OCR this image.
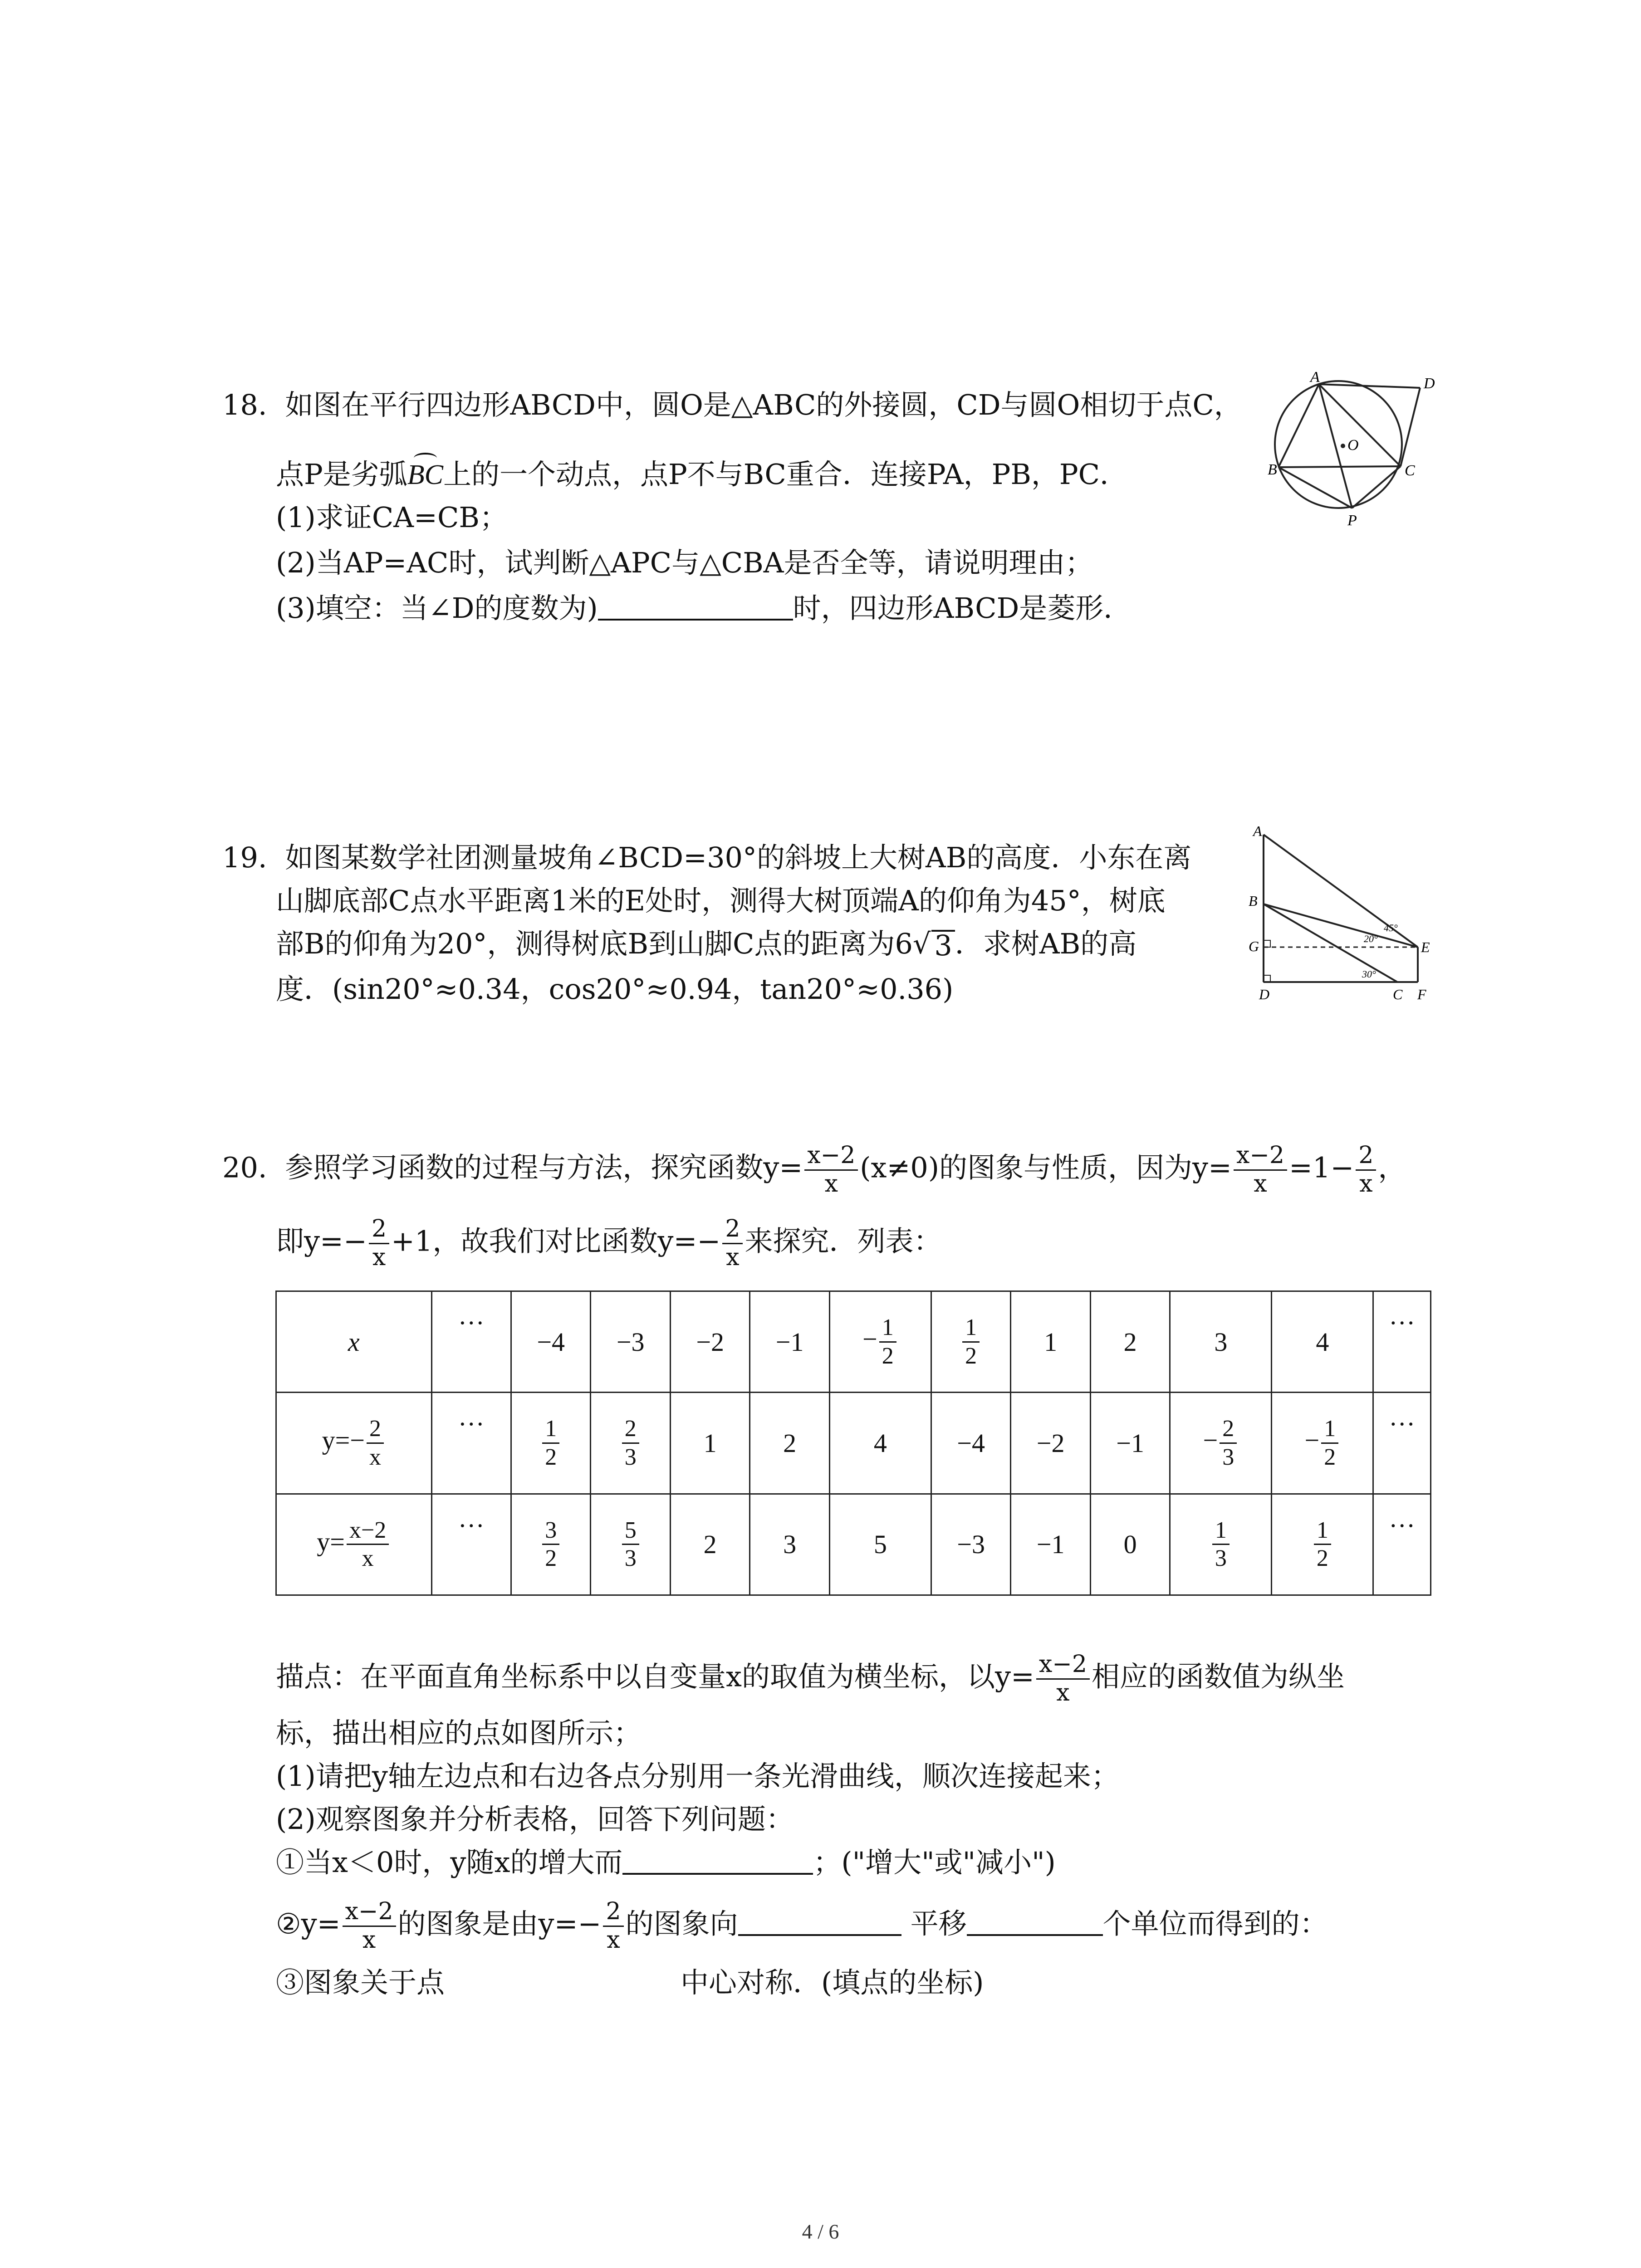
18. 如图在平行四边形ABCD中，圆O是△ABC的外接圆，CD与圆O相切于点C，
点P是劣弧BC上的一个动点，点P不与BC重合．连接PA，PB，PC．
(1)求证CA=CB；
(2)当AP=AC时，试判断△APC与△CBA是否全等，请说明理由；
(3)填空：当∠D的度数为)	时，四边形ABCD是菱形．
A	D
B	C
O
P
19. 如图某数学社团测量坡角∠BCD=30°的斜坡上大树AB的高度．小东在离
山脚底部C点水平距离1米的E处时，测得大树顶端A的仰角为45°，树底
部B的仰角为20°，测得树底B到山脚C点的距离为6 √ 3 ．求树AB的高
度．(sin20°≈0.34，cos20°≈0.94，tan20°≈0.36)
A
B
G
D	C F
E
45°
20°
30°
20. 参照学习函数的过程与方法，探究函数$y= \frac{x-2}{x} (x\ne 0)$的图象与性质，因为$y= \frac{x-2}{x} =1- \frac{2}{x}$ ，
即$y=- \frac{2}{x} +1$，故我们对比函数$y=- \frac{2}{x}$ 来探究．列表：
x	…	−4	−3	−2	−1	− $\frac{1}{2}$	$\frac{1}{2}$	1	2	3	4	…
$y=- \frac{2}{x}$	…	$\frac{1}{2}$	$\frac{2}{3}$	1	2	4	−4	−2	−1	− $\frac{2}{3}$	− $\frac{1}{2}$	…
$y= \frac{x-2}{x}$	…	$\frac{3}{2}$	$\frac{5}{3}$	2	3	5	−3	−1	0	$\frac{1}{3}$	$\frac{1}{2}$	…
描点：在平面直角坐标系中以自变量x的取值为横坐标，以$y= \frac{x-2}{x}$ 相应的函数值为纵坐
标，描出相应的点如图所示；
(1)请把y轴左边点和右边各点分别用一条光滑曲线，顺次连接起来；
(2)观察图象并分析表格，回答下列问题：
①当x＜0时，y随x的增大而	；("增大"或"减小")
②y= $\frac{x-2}{x}$ 的图象是由$y=- \frac{2}{x}$ 的图象向	平移	个单位而得到的：
③图象关于点	中心对称．(填点的坐标)
4 / 6
